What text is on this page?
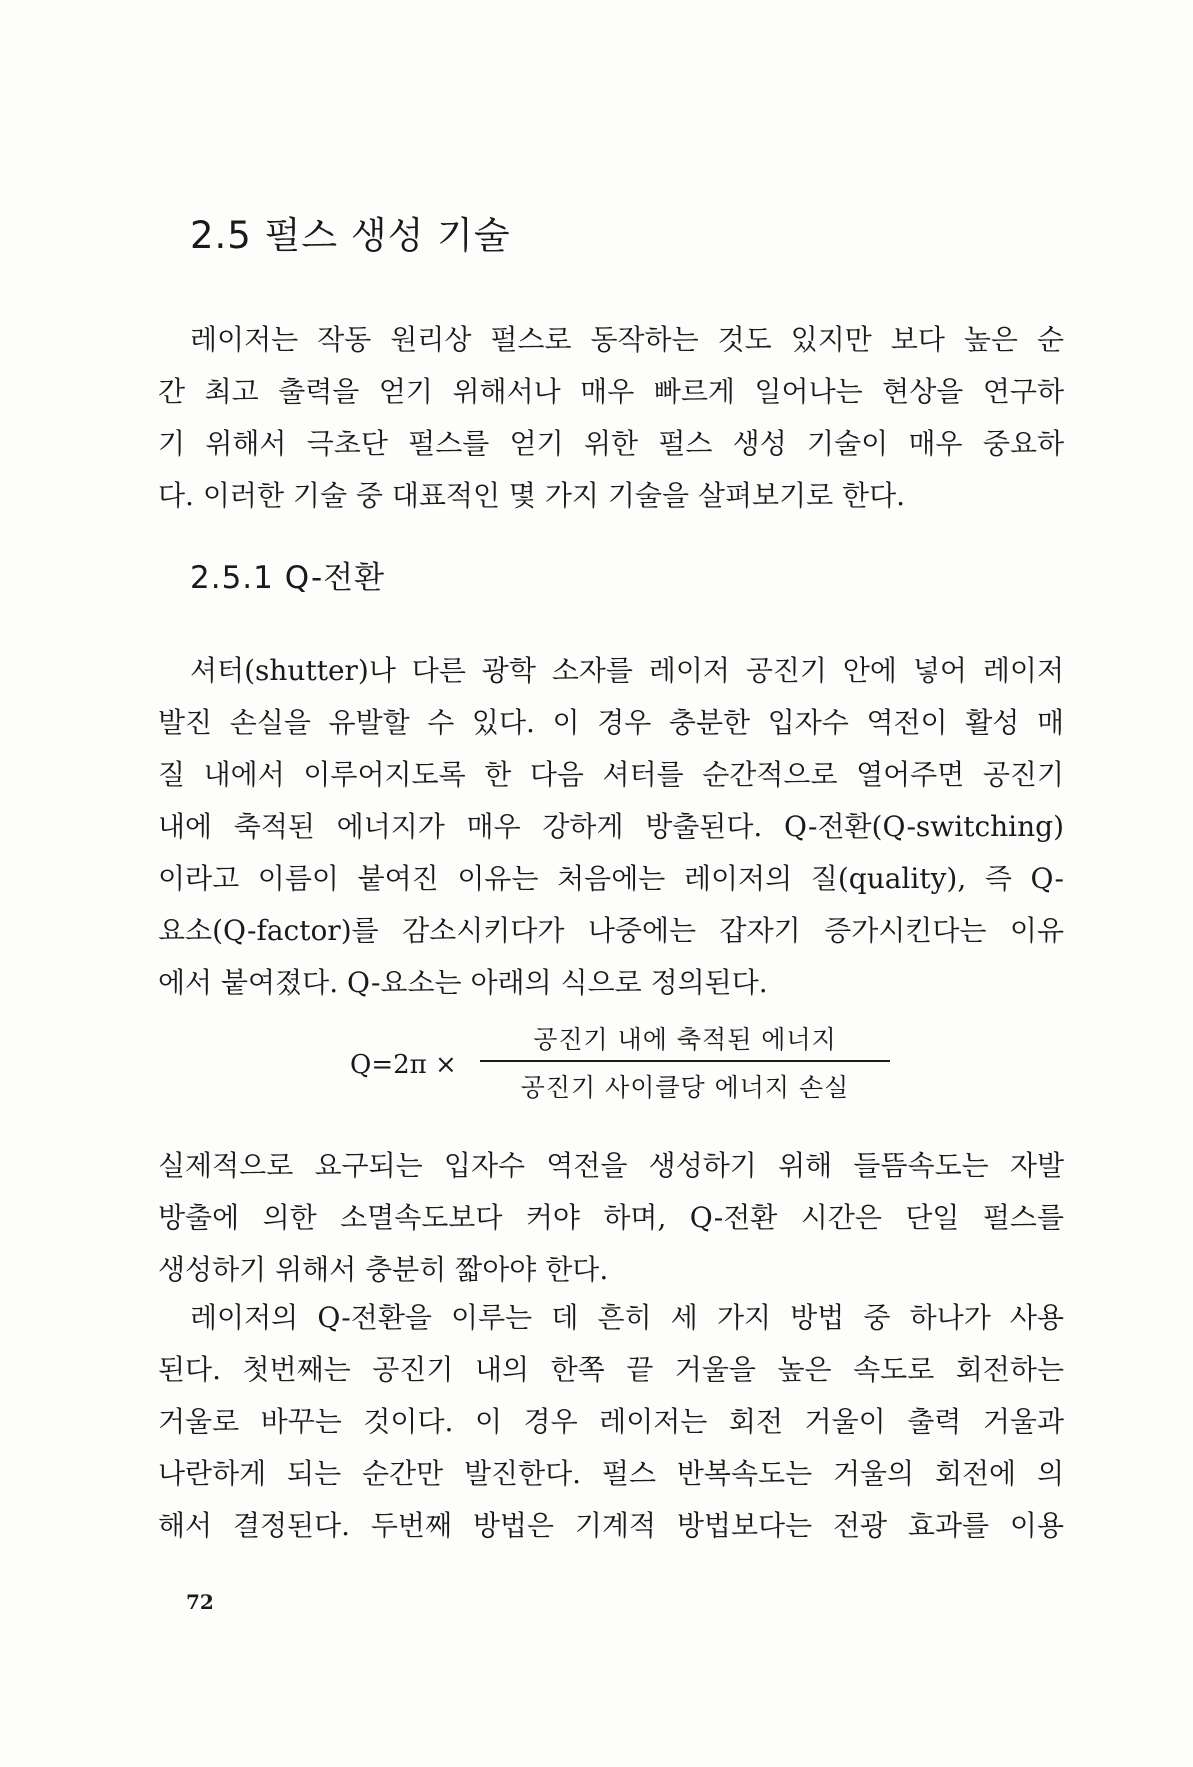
2.5 펄스 생성 기술
레이저는 작동 원리상 펄스로 동작하는 것도 있지만 보다 높은 순
간 최고 출력을 얻기 위해서나 매우 빠르게 일어나는 현상을 연구하
기 위해서 극초단 펄스를 얻기 위한 펄스 생성 기술이 매우 중요하
다. 이러한 기술 중 대표적인 몇 가지 기술을 살펴보기로 한다.
2.5.1 Q-전환
셔터(shutter)나 다른 광학 소자를 레이저 공진기 안에 넣어 레이저
발진 손실을 유발할 수 있다. 이 경우 충분한 입자수 역전이 활성 매
질 내에서 이루어지도록 한 다음 셔터를 순간적으로 열어주면 공진기
내에 축적된 에너지가 매우 강하게 방출된다. Q-전환(Q-switching)
이라고 이름이 붙여진 이유는 처음에는 레이저의 질(quality), 즉 Q-
요소(Q-factor)를 감소시키다가 나중에는 갑자기 증가시킨다는 이유
에서 붙여졌다. Q-요소는 아래의 식으로 정의된다.
Q=2π ×
공진기 내에 축적된 에너지
공진기 사이클당 에너지 손실
실제적으로 요구되는 입자수 역전을 생성하기 위해 들뜸속도는 자발
방출에 의한 소멸속도보다 커야 하며, Q-전환 시간은 단일 펄스를
생성하기 위해서 충분히 짧아야 한다.
레이저의 Q-전환을 이루는 데 흔히 세 가지 방법 중 하나가 사용
된다. 첫번째는 공진기 내의 한쪽 끝 거울을 높은 속도로 회전하는
거울로 바꾸는 것이다. 이 경우 레이저는 회전 거울이 출력 거울과
나란하게 되는 순간만 발진한다. 펄스 반복속도는 거울의 회전에 의
해서 결정된다. 두번째 방법은 기계적 방법보다는 전광 효과를 이용
72
